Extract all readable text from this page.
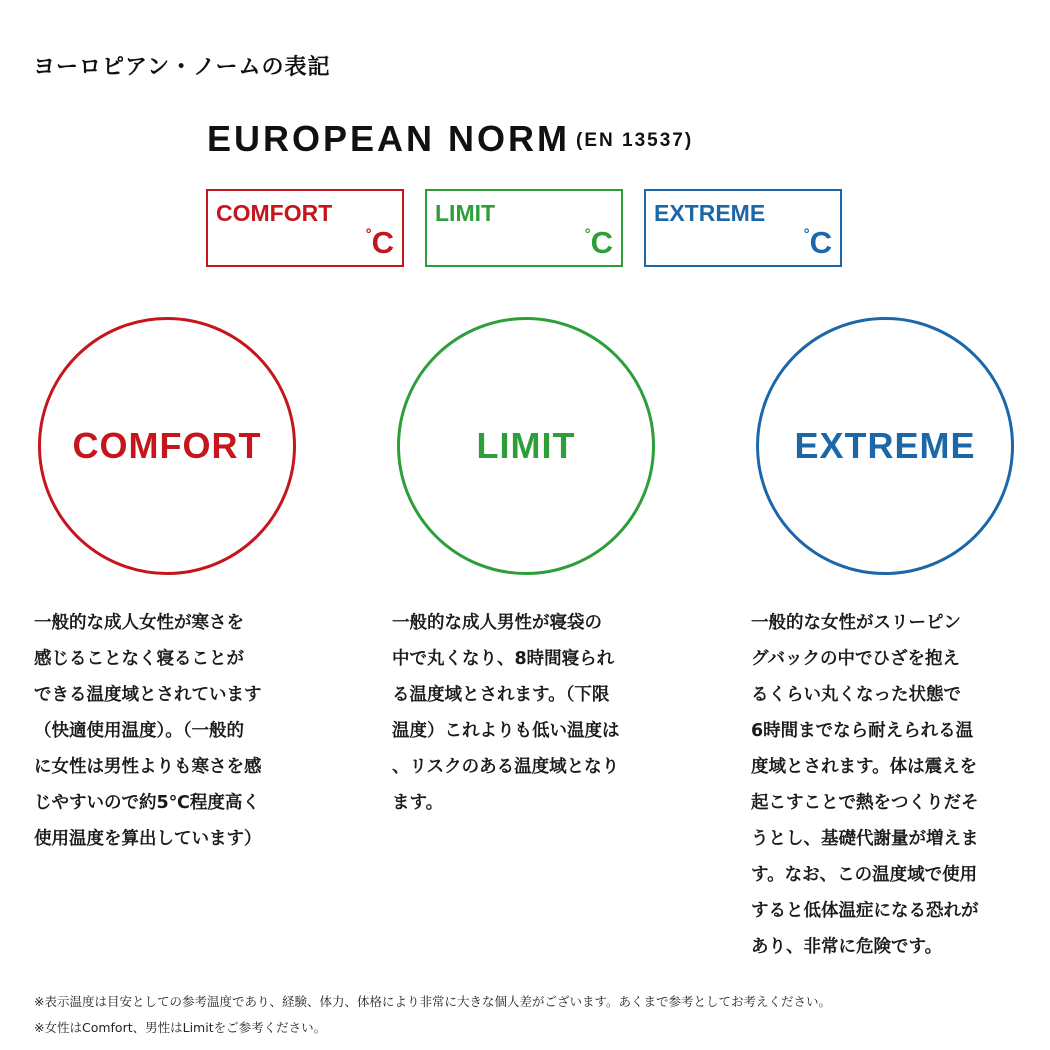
ヨーロピアン・ノームの表記
EUROPEAN NORM (EN 13537)
COMFORT
°C
LIMIT
°C
EXTREME
°C
COMFORT	LIMIT	EXTREME
一般的な成人女性が寒さを
感じることなく寝ることが
できる温度域とされています
（快適使用温度）。（一般的
に女性は男性よりも寒さを感
じやすいので約5℃程度高く
使用温度を算出しています）
一般的な成人男性が寝袋の
中で丸くなり、8時間寝られ
る温度域とされます。（下限
温度）これよりも低い温度は
、リスクのある温度域となり
ます。
一般的な女性がスリーピン
グバックの中でひざを抱え
るくらい丸くなった状態で
6時間までなら耐えられる温
度域とされます。体は震えを
起こすことで熱をつくりだそ
うとし、基礎代謝量が増えま
す。なお、この温度域で使用
すると低体温症になる恐れが
あり、非常に危険です。
※表示温度は目安としての参考温度であり、経験、体力、体格により非常に大きな個人差がございます。あくまで参考としてお考えください。
※女性はComfort、男性はLimitをご参考ください。
